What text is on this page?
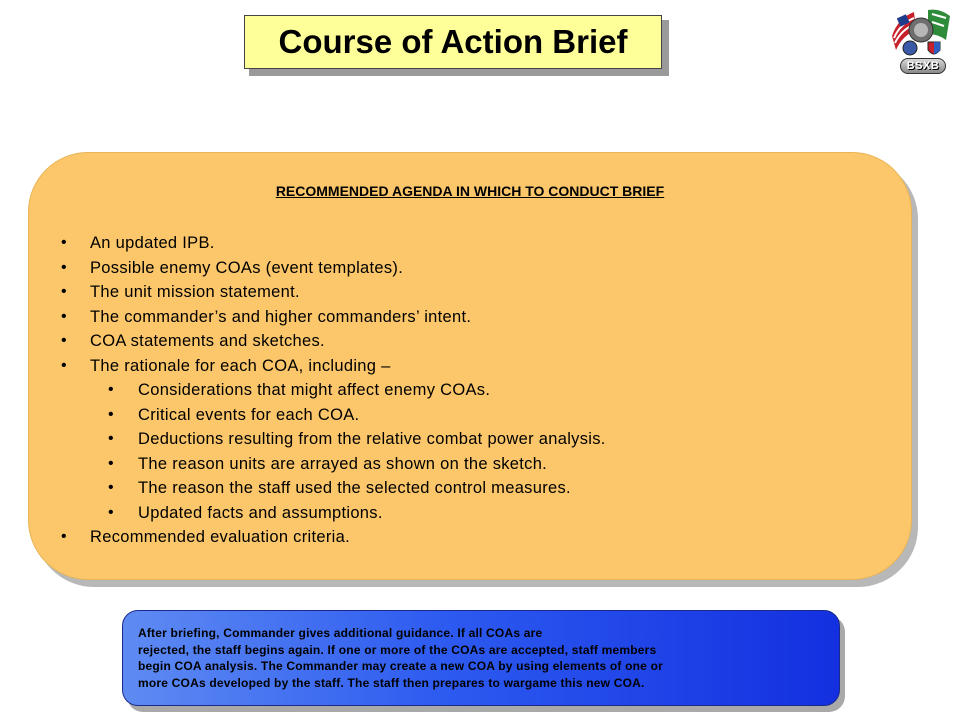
Course of Action Brief
BSXB
RECOMMENDED AGENDA IN WHICH TO CONDUCT BRIEF
• An updated IPB.
• Possible enemy COAs (event templates).
• The unit mission statement.
• The commander’s and higher commanders’ intent.
• COA statements and sketches.
• The rationale for each COA, including –
• Considerations that might affect enemy COAs.
• Critical events for each COA.
• Deductions resulting from the relative combat power analysis.
• The reason units are arrayed as shown on the sketch.
• The reason the staff used the selected control measures.
• Updated facts and assumptions.
• Recommended evaluation criteria.

After briefing, Commander gives additional guidance. If all COAs are

rejected, the staff begins again. If one or more of the COAs are accepted, staff members

begin COA analysis. The Commander may create a new COA by using elements of one or

more COAs developed by the staff. The staff then prepares to wargame this new COA.
